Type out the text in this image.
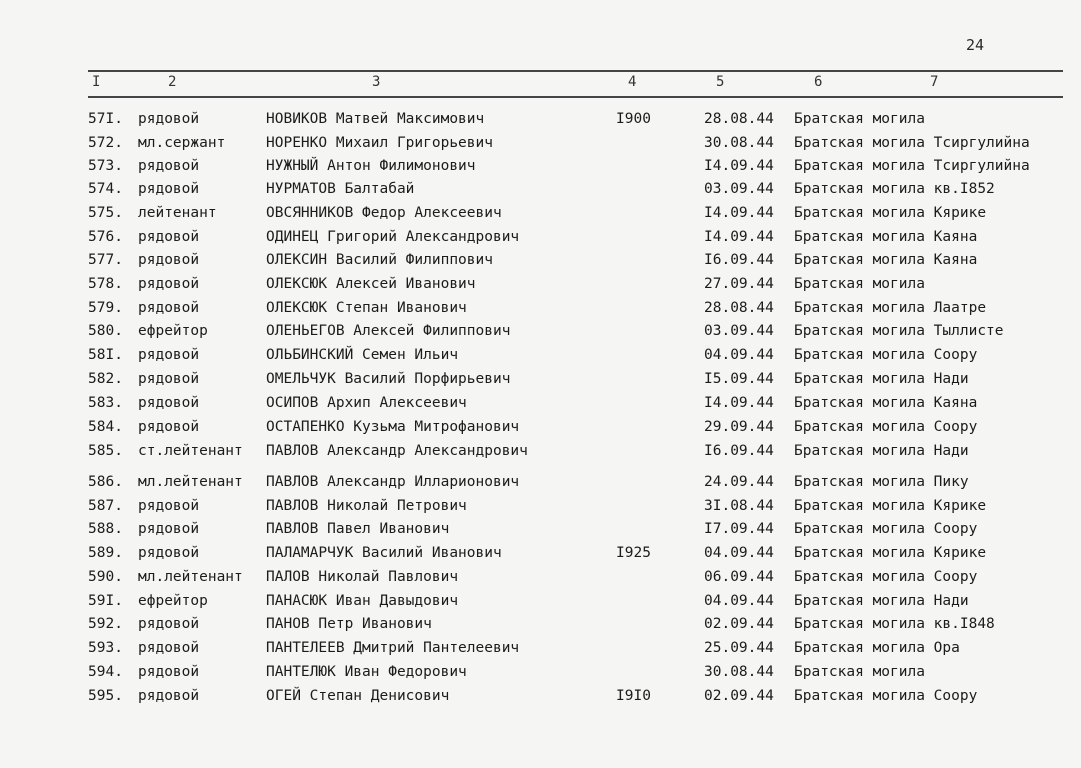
24
I	2	3	4	5	6	7
57I. рядовой	НОВИКОВ Матвей Максимович	I900	28.08.44 Братская могила
572. мл.сержант	НОРЕНКО Михаил Григорьевич	30.08.44 Братская могила Тсиргулийна
573. рядовой	НУЖНЫЙ Антон Филимонович	I4.09.44 Братская могила Тсиргулийна
574. рядовой	НУРМАТОВ Балтабай	03.09.44 Братская могила кв.I852
575. лейтенант	ОВСЯННИКОВ Федор Алексеевич	I4.09.44 Братская могила Кярике
576. рядовой	ОДИНЕЦ Григорий Александрович	I4.09.44 Братская могила Каяна
577. рядовой	ОЛЕКСИН Василий Филиппович	I6.09.44 Братская могила Каяна
578. рядовой	ОЛЕКСЮК Алексей Иванович	27.09.44 Братская могила
579. рядовой	ОЛЕКСЮК Степан Иванович	28.08.44 Братская могила Лаатре
580. ефрейтор	ОЛЕНЬЕГОВ Алексей Филиппович	03.09.44 Братская могила Тыллисте
58I. рядовой	ОЛЬБИНСКИЙ Семен Ильич	04.09.44 Братская могила Соору
582. рядовой	ОМЕЛЬЧУК Василий Порфирьевич	I5.09.44 Братская могила Нади
583. рядовой	ОСИПОВ Архип Алексеевич	I4.09.44 Братская могила Каяна
584. рядовой	ОСТАПЕНКО Кузьма Митрофанович	29.09.44 Братская могила Соору
585. ст.лейтенант ПАВЛОВ Александр Александрович	I6.09.44 Братская могила Нади
586. мл.лейтенант ПАВЛОВ Александр Илларионович	24.09.44 Братская могила Пику
587. рядовой	ПАВЛОВ Николай Петрович	3I.08.44 Братская могила Кярике
588. рядовой	ПАВЛОВ Павел Иванович	I7.09.44 Братская могила Соору
589. рядовой	ПАЛАМАРЧУК Василий Иванович	I925	04.09.44 Братская могила Кярике
590. мл.лейтенант ПАЛОВ Николай Павлович	06.09.44 Братская могила Соору
59I. ефрейтор	ПАНАСЮК Иван Давыдович	04.09.44 Братская могила Нади
592. рядовой	ПАНОВ Петр Иванович	02.09.44 Братская могила кв.I848
593. рядовой	ПАНТЕЛЕЕВ Дмитрий Пантелеевич	25.09.44 Братская могила Ора
594. рядовой	ПАНТЕЛЮК Иван Федорович	30.08.44 Братская могила
595. рядовой	ОГЕЙ Степан Денисович	I9I0	02.09.44 Братская могила Соору
